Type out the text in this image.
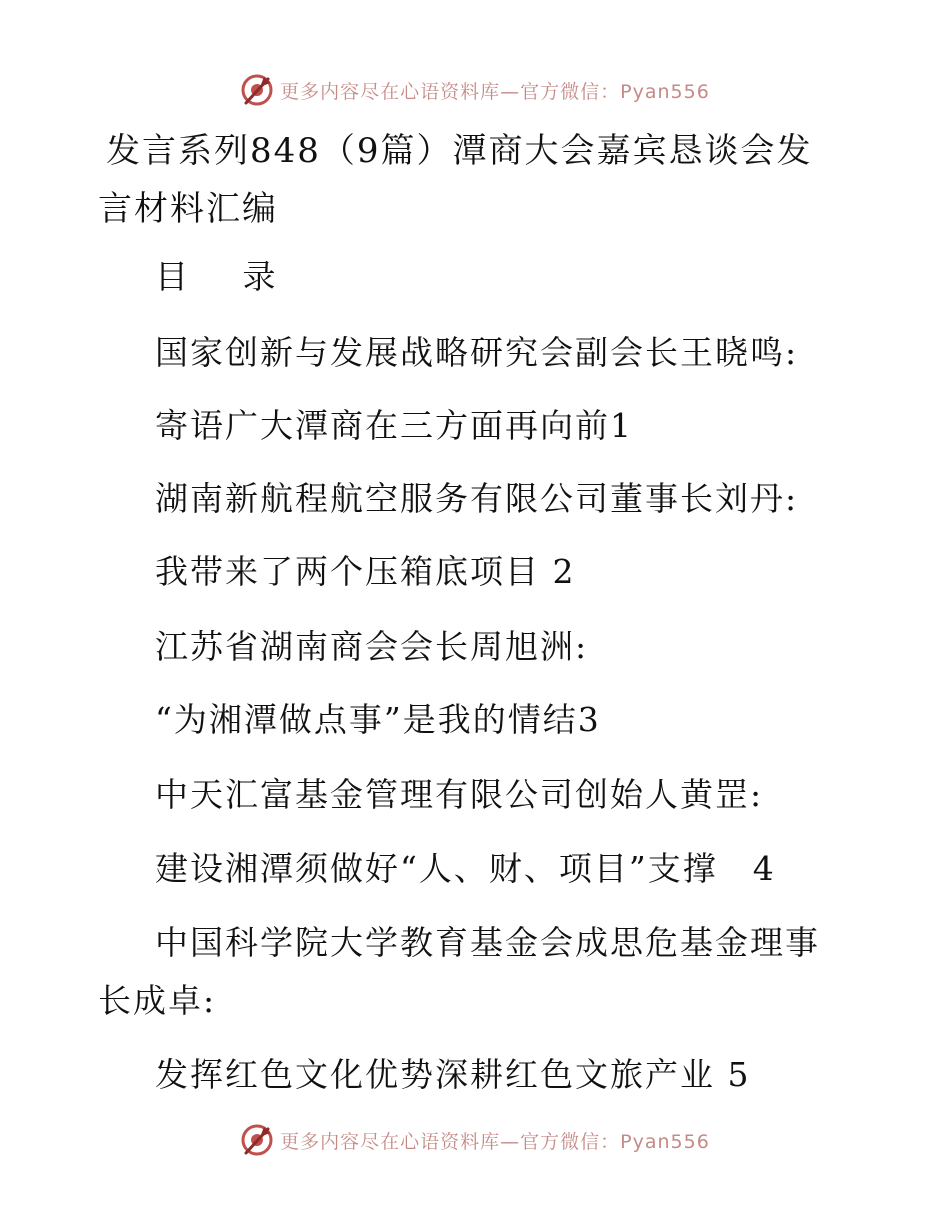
更多内容尽在心语资料库—官方微信：Pyan556
发言系列848（9篇）潭商大会嘉宾恳谈会发言材料汇编
目 录
国家创新与发展战略研究会副会长王晓鸣:
寄语广大潭商在三方面再向前1
湖南新航程航空服务有限公司董事长刘丹:
我带来了两个压箱底项目 2
江苏省湖南商会会长周旭洲:
“为湘潭做点事”是我的情结3
中天汇富基金管理有限公司创始人黄罡:
建设湘潭须做好“人、财、项目”支撑　4
中国科学院大学教育基金会成思危基金理事长成卓:
发挥红色文化优势深耕红色文旅产业 5
更多内容尽在心语资料库—官方微信：Pyan556
